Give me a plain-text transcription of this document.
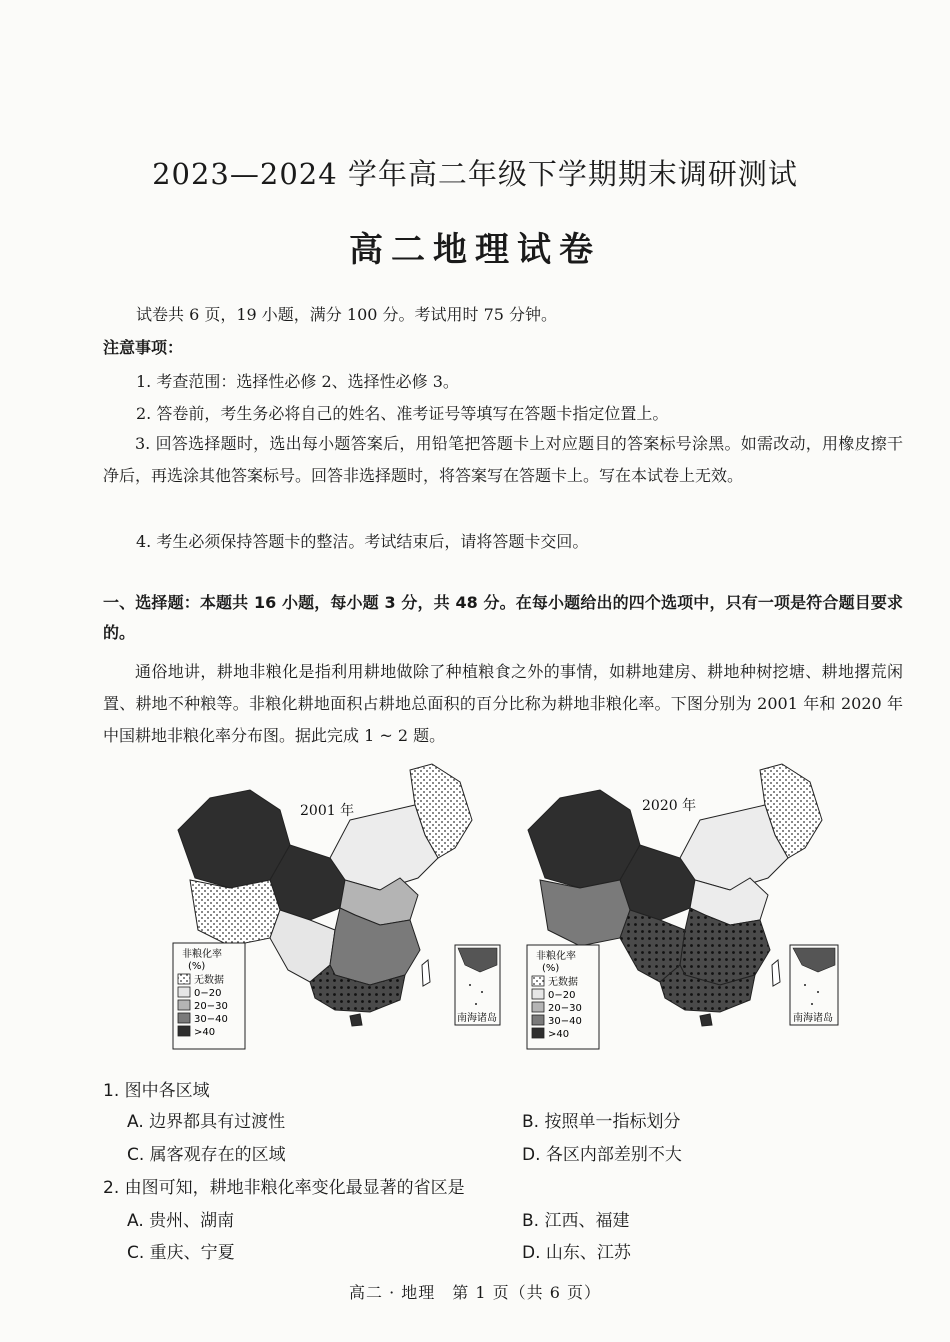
2023—2024 学年高二年级下学期期末调研测试
高二地理试卷
试卷共 6 页，19 小题，满分 100 分。考试用时 75 分钟。
注意事项：
1. 考查范围：选择性必修 2、选择性必修 3。
2. 答卷前，考生务必将自己的姓名、准考证号等填写在答题卡指定位置上。
3. 回答选择题时，选出每小题答案后，用铅笔把答题卡上对应题目的答案标号涂黑。如需改动，用橡皮擦干净后，再选涂其他答案标号。回答非选择题时，将答案写在答题卡上。写在本试卷上无效。
4. 考生必须保持答题卡的整洁。考试结束后，请将答题卡交回。
一、选择题：本题共 16 小题，每小题 3 分，共 48 分。在每小题给出的四个选项中，只有一项是符合题目要求的。
通俗地讲，耕地非粮化是指利用耕地做除了种植粮食之外的事情，如耕地建房、耕地种树挖塘、耕地撂荒闲置、耕地不种粮等。非粮化耕地面积占耕地总面积的百分比称为耕地非粮化率。下图分别为 2001 年和 2020 年中国耕地非粮化率分布图。据此完成 1 ~ 2 题。
2001 年
非粮化率
(%)
无数据
0−20
20−30
30−40
>40
南海诸岛
2020 年
非粮化率
(%)
无数据
0−20
20−30
30−40
>40
南海诸岛
1. 图中各区域
A. 边界都具有过渡性	B. 按照单一指标划分
C. 属客观存在的区域	D. 各区内部差别不大
2. 由图可知，耕地非粮化率变化最显著的省区是
A. 贵州、湖南	B. 江西、福建
C. 重庆、宁夏	D. 山东、江苏
高二 · 地理　第 1 页（共 6 页）
